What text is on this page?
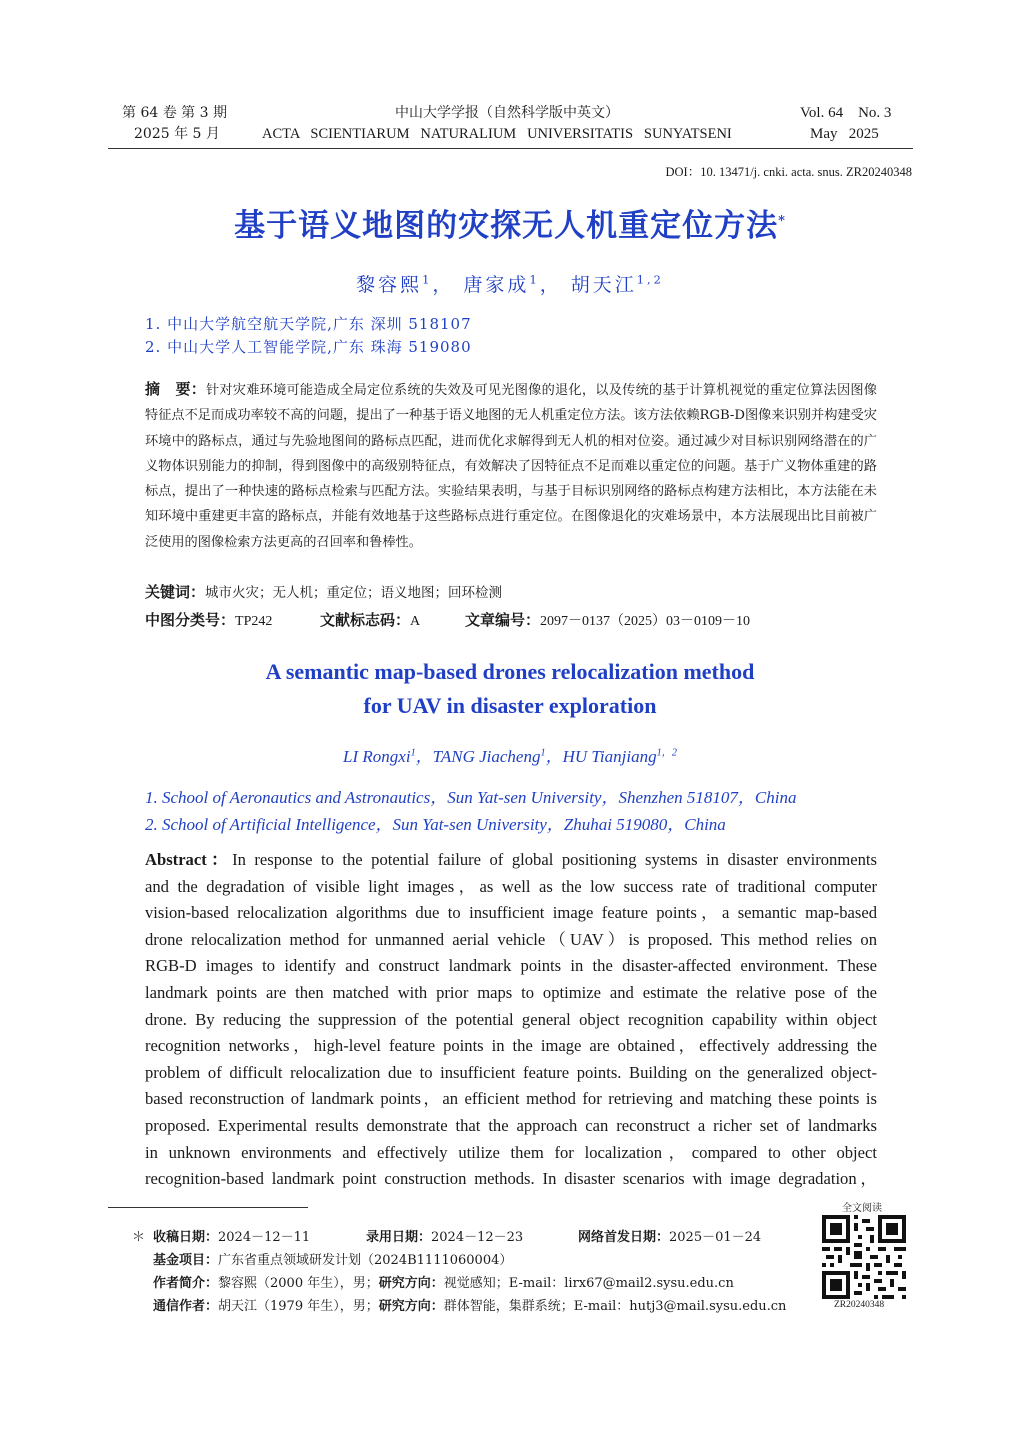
第 64 卷 第 3 期
2025 年 5 月
中山大学学报（自然科学版中英文）
ACTA   SCIENTIARUM   NATURALIUM   UNIVERSITATIS   SUNYATSENI
Vol. 64    No. 3
May   2025
DOI：10. 13471/j. cnki. acta. snus. ZR20240348
基于语义地图的灾探无人机重定位方法*
黎容熙$^1$， 唐家成$^1$， 胡天江$^{1,2}$
1. 中山大学航空航天学院,广东 深圳 518107
2. 中山大学人工智能学院,广东 珠海 519080
摘　要：针对灾难环境可能造成全局定位系统的失效及可见光图像的退化，以及传统的基于计算机视觉的重定位算法因图像特征点不足而成功率较不高的问题，提出了一种基于语义地图的无人机重定位方法。该方法依赖RGB-D图像来识别并构建受灾环境中的路标点，通过与先验地图间的路标点匹配，进而优化求解得到无人机的相对位姿。通过减少对目标识别网络潜在的广义物体识别能力的抑制，得到图像中的高级别特征点，有效解决了因特征点不足而难以重定位的问题。基于广义物体重建的路标点，提出了一种快速的路标点检索与匹配方法。实验结果表明，与基于目标识别网络的路标点构建方法相比，本方法能在未知环境中重建更丰富的路标点，并能有效地基于这些路标点进行重定位。在图像退化的灾难场景中，本方法展现出比目前被广泛使用的图像检索方法更高的召回率和鲁棒性。
关键词：城市火灾；无人机；重定位；语义地图；回环检测
中图分类号：TP242	文献标志码：A	文章编号：2097－0137（2025）03－0109－10
A semantic map-based drones relocalization method
for UAV in disaster exploration
LI Rongxi$^1$，TANG Jiacheng$^1$，HU Tianjiang$^{1,2}$
1. School of Aeronautics and Astronautics，Sun Yat-sen University，Shenzhen 518107，China
2. School of Artificial Intelligence，Sun Yat-sen University，Zhuhai 519080，China
Abstract：In response to the potential failure of global positioning systems in disaster environments
and the degradation of visible light images，as well as the low success rate of traditional computer
vision-based relocalization algorithms due to insufficient image feature points，a semantic map-based
drone relocalization method for unmanned aerial vehicle（UAV）is proposed. This method relies on
RGB-D images to identify and construct landmark points in the disaster-affected environment. These
landmark points are then matched with prior maps to optimize and estimate the relative pose of the
drone. By reducing the suppression of the potential general object recognition capability within object
recognition networks，high-level feature points in the image are obtained，effectively addressing the
problem of difficult relocalization due to insufficient feature points. Building on the generalized object-
based reconstruction of landmark points，an efficient method for retrieving and matching these points is
proposed. Experimental results demonstrate that the approach can reconstruct a richer set of landmarks
in unknown environments and effectively utilize them for localization，compared to other object
recognition-based landmark point construction methods. In disaster scenarios with image degradation，
＊ 收稿日期：2024－12－11	录用日期：2024－12－23	网络首发日期：2025－01－24
基金项目：广东省重点领域研发计划（2024B1111060004）
作者简介：黎容熙（2000 年生），男；研究方向：视觉感知；E-mail：lirx67@mail2.sysu.edu.cn
通信作者：胡天江（1979 年生），男；研究方向：群体智能，集群系统；E-mail：hutj3@mail.sysu.edu.cn
全文阅读
ZR20240348
